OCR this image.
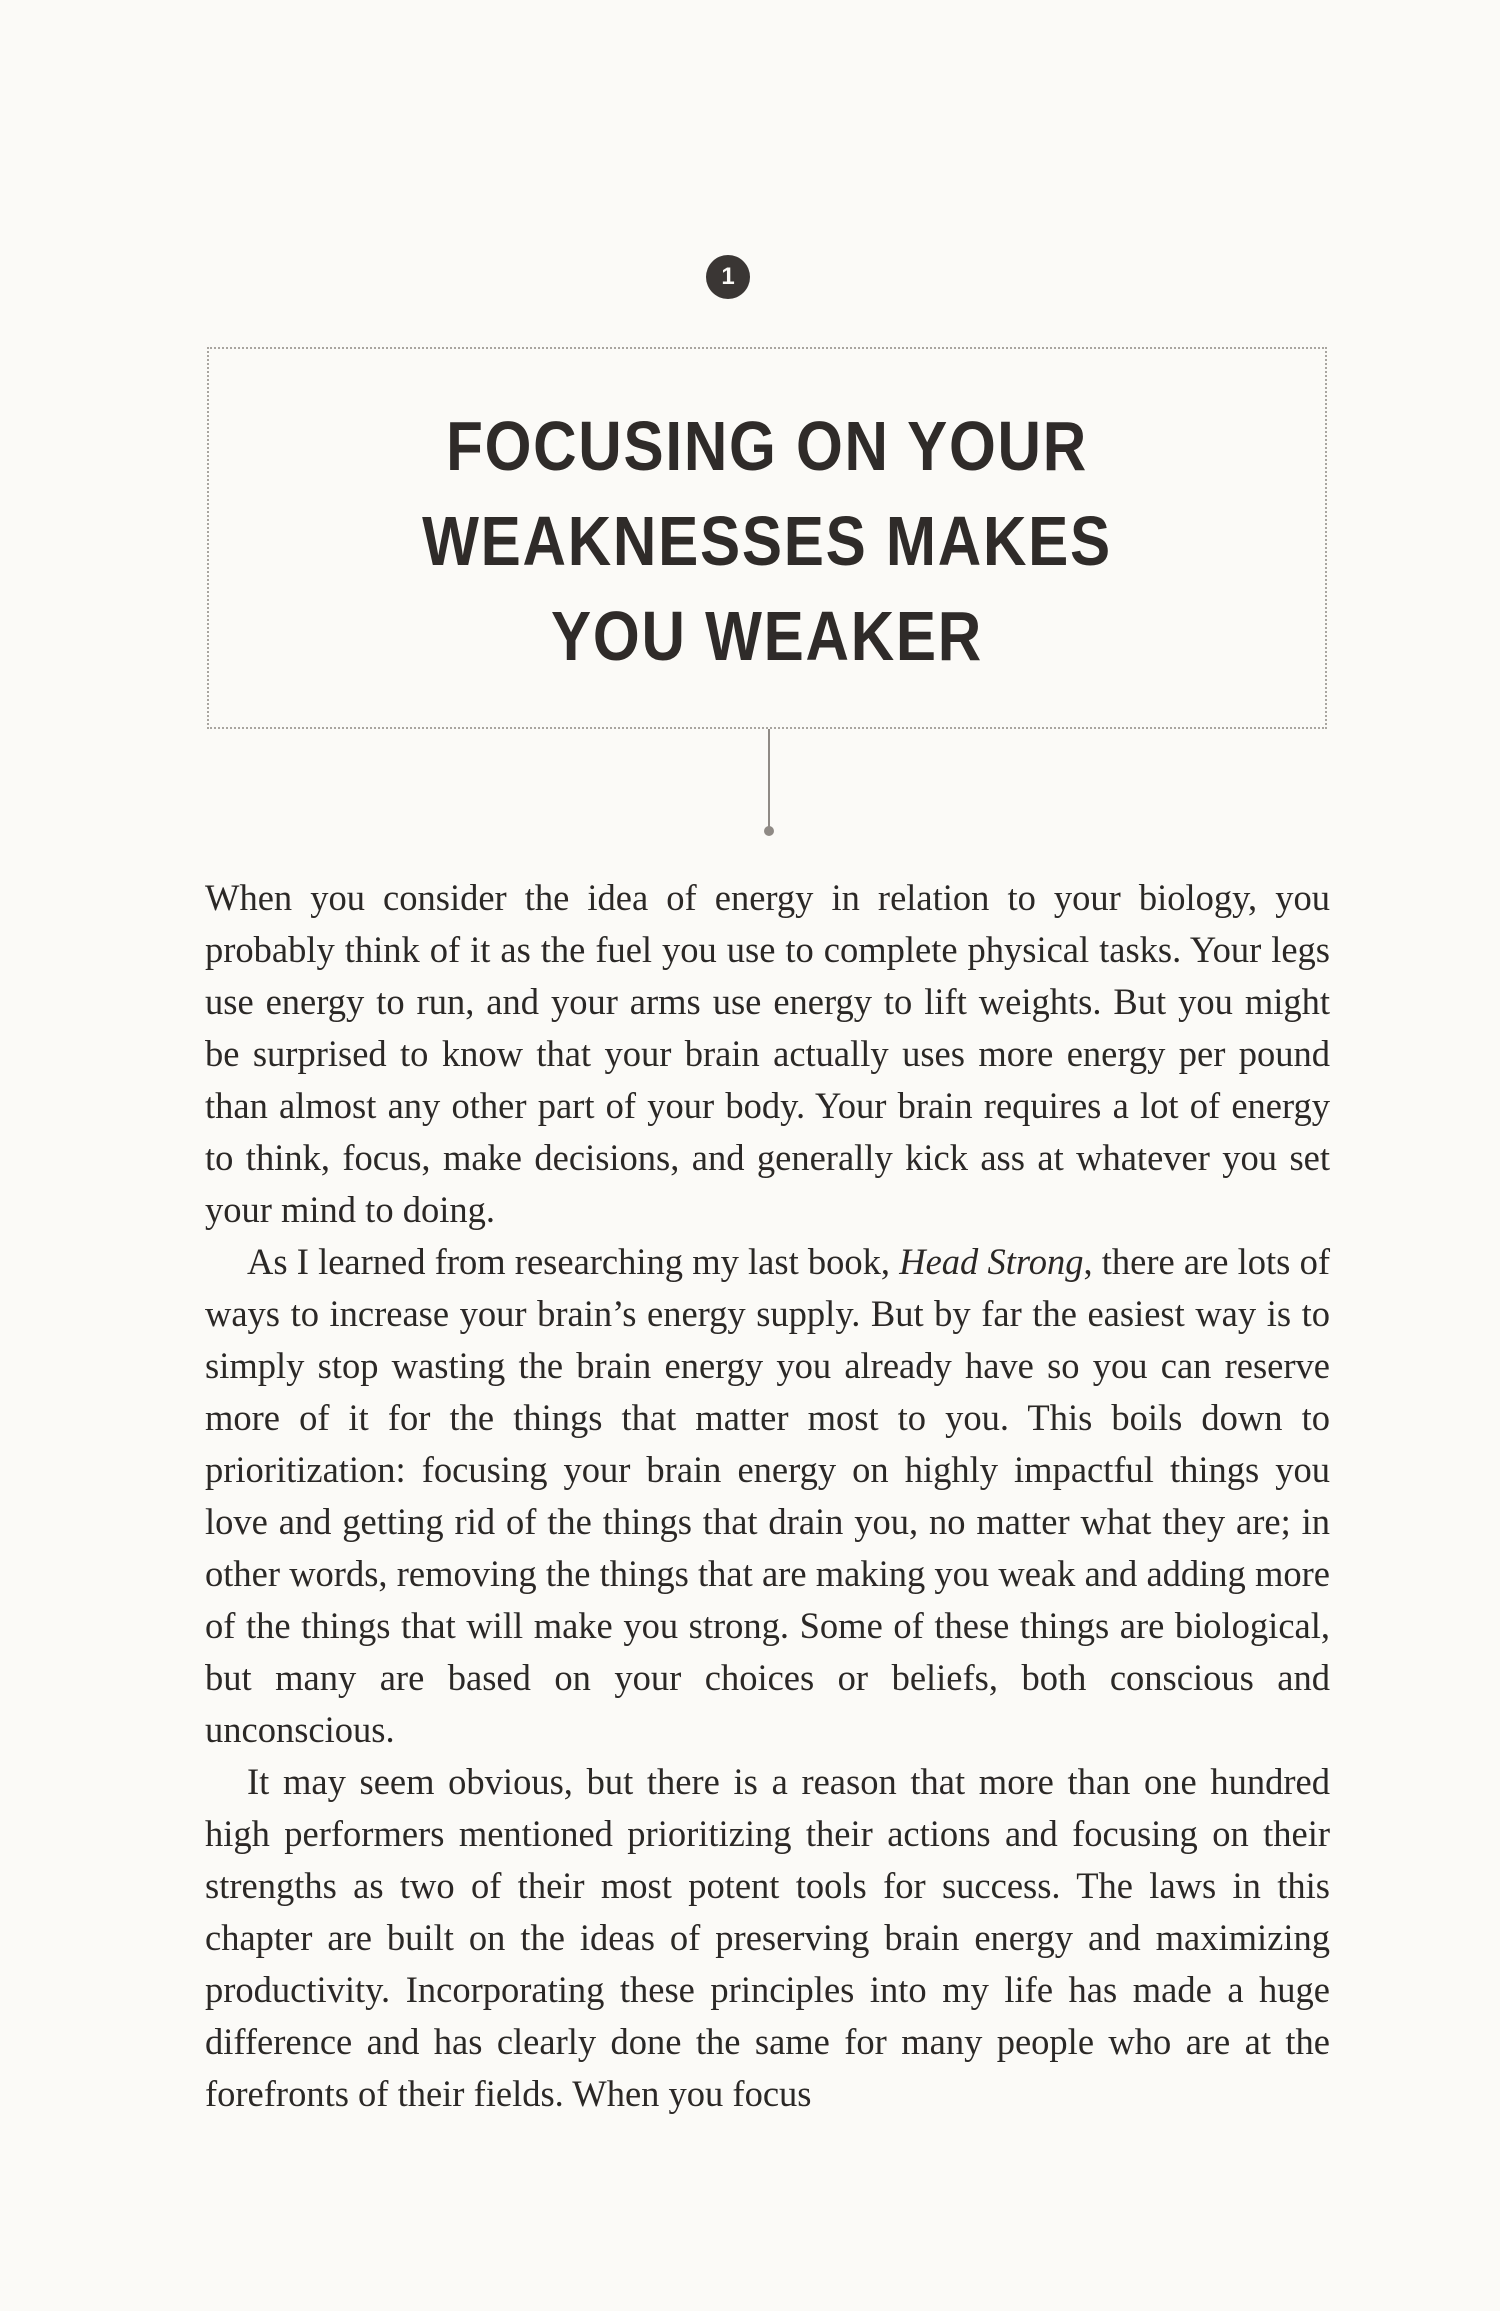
1
FOCUSING ON YOUR
WEAKNESSES MAKES
YOU WEAKER

When you consider the idea of energy in relation to your biology, you probably think of it as the fuel you use to complete physical tasks. Your legs use energy to run, and your arms use energy to lift weights. But you might be surprised to know that your brain actually uses more energy per pound than almost any other part of your body. Your brain requires a lot of energy to think, focus, make decisions, and generally kick ass at whatever you set your mind to doing.

As I learned from researching my last book, Head Strong, there are lots of ways to increase your brain’s energy supply. But by far the easiest way is to simply stop wasting the brain energy you already have so you can reserve more of it for the things that matter most to you. This boils down to prioritization: focusing your brain energy on highly impactful things you love and getting rid of the things that drain you, no matter what they are; in other words, removing the things that are making you weak and adding more of the things that will make you strong. Some of these things are biological, but many are based on your choices or beliefs, both conscious and unconscious.

It may seem obvious, but there is a reason that more than one hundred high performers mentioned prioritizing their actions and focusing on their strengths as two of their most potent tools for success. The laws in this chapter are built on the ideas of preserving brain energy and maximizing productivity. Incorporating these principles into my life has made a huge difference and has clearly done the same for many people who are at the forefronts of their fields. When you focus
